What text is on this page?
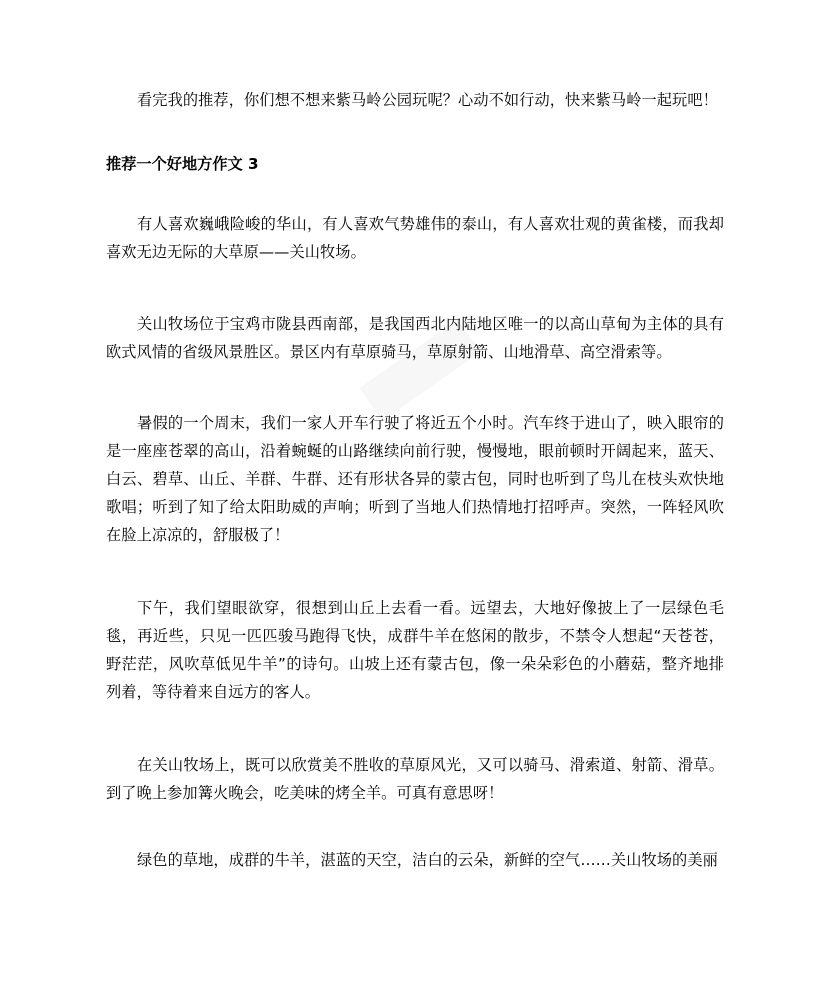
看完我的推荐，你们想不想来紫马岭公园玩呢？心动不如行动，快来紫马岭一起玩吧！

推荐一个好地方作文 3

有人喜欢巍峨险峻的华山，有人喜欢气势雄伟的泰山，有人喜欢壮观的黄雀楼，而我却喜欢无边无际的大草原——关山牧场。

关山牧场位于宝鸡市陇县西南部，是我国西北内陆地区唯一的以高山草甸为主体的具有欧式风情的省级风景胜区。景区内有草原骑马，草原射箭、山地滑草、高空滑索等。

暑假的一个周末，我们一家人开车行驶了将近五个小时。汽车终于进山了，映入眼帘的是一座座苍翠的高山，沿着蜿蜒的山路继续向前行驶，慢慢地，眼前顿时开阔起来，蓝天、白云、碧草、山丘、羊群、牛群、还有形状各异的蒙古包，同时也听到了鸟儿在枝头欢快地歌唱；听到了知了给太阳助威的声响；听到了当地人们热情地打招呼声。突然，一阵轻风吹在脸上凉凉的，舒服极了！

下午，我们望眼欲穿，很想到山丘上去看一看。远望去，大地好像披上了一层绿色毛毯，再近些，只见一匹匹骏马跑得飞快，成群牛羊在悠闲的散步，不禁令人想起“天苍苍，野茫茫，风吹草低见牛羊”的诗句。山坡上还有蒙古包，像一朵朵彩色的小蘑菇，整齐地排列着，等待着来自远方的客人。

在关山牧场上，既可以欣赏美不胜收的草原风光，又可以骑马、滑索道、射箭、滑草。到了晚上参加篝火晚会，吃美味的烤全羊。可真有意思呀！

绿色的草地，成群的牛羊，湛蓝的天空，洁白的云朵，新鲜的空气……关山牧场的美丽
